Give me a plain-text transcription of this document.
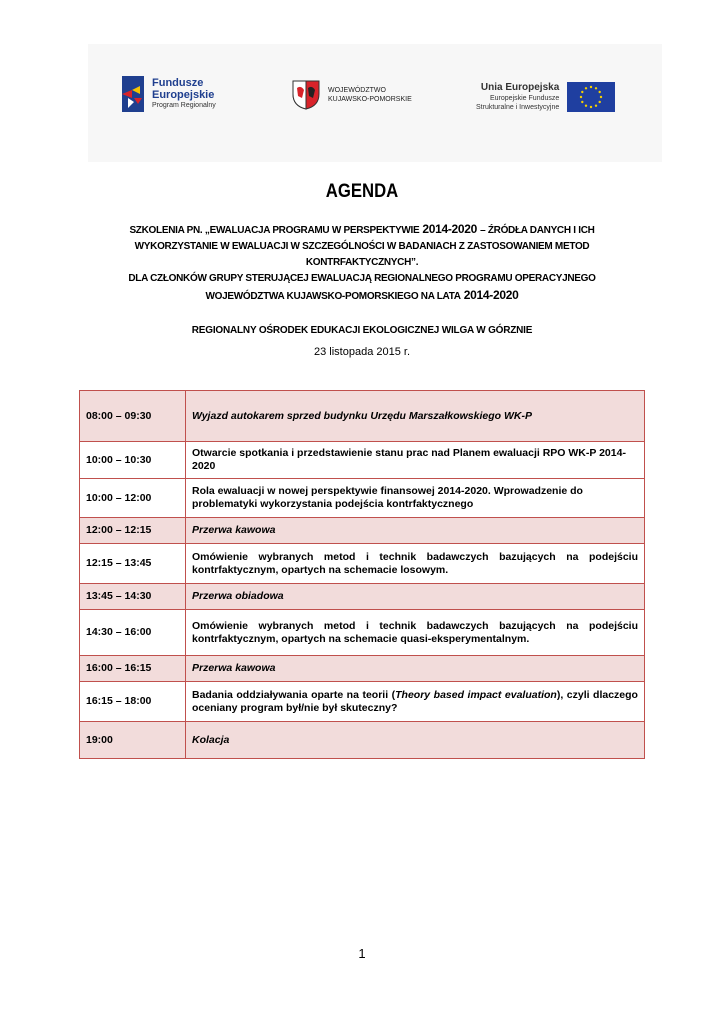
Fundusze
Europejskie
Program Regionalny
WOJEWÓDZTWO
KUJAWSKO-POMORSKIE
Unia Europejska
Europejskie Fundusze
Strukturalne i Inwestycyjne
AGENDA
SZKOLENIA PN. „EWALUACJA PROGRAMU W PERSPEKTYWIE 2014-2020 – ŹRÓDŁA DANYCH I ICH
WYKORZYSTANIE W EWALUACJI W SZCZEGÓLNOŚCI W BADANIACH Z ZASTOSOWANIEM METOD
KONTRFAKTYCZNYCH”.
DLA CZŁONKÓW GRUPY STERUJĄCEJ EWALUACJĄ REGIONALNEGO PROGRAMU OPERACYJNEGO
WOJEWÓDZTWA KUJAWSKO-POMORSKIEGO NA LATA 2014-2020
REGIONALNY OŚRODEK EDUKACJI EKOLOGICZNEJ WILGA W GÓRZNIE
23 listopada 2015 r.
08:00 – 09:30	Wyjazd autokarem sprzed budynku Urzędu Marszałkowskiego WK-P
10:00 – 10:30	Otwarcie spotkania i przedstawienie stanu prac nad Planem ewaluacji RPO WK-P 2014-2020
10:00 – 12:00	Rola ewaluacji w nowej perspektywie finansowej 2014-2020. Wprowadzenie do problematyki wykorzystania podejścia kontrfaktycznego
12:00 – 12:15	Przerwa kawowa
12:15 – 13:45	Omówienie wybranych metod i technik badawczych bazujących na podejściu kontrfaktycznym, opartych na schemacie losowym.
13:45 – 14:30	Przerwa obiadowa
14:30 – 16:00	Omówienie wybranych metod i technik badawczych bazujących na podejściu kontrfaktycznym, opartych na schemacie quasi-eksperymentalnym.
16:00 – 16:15	Przerwa kawowa
16:15 – 18:00	Badania oddziaływania oparte na teorii (Theory based impact evaluation), czyli dlaczego oceniany program był/nie był skuteczny?
19:00	Kolacja
1
